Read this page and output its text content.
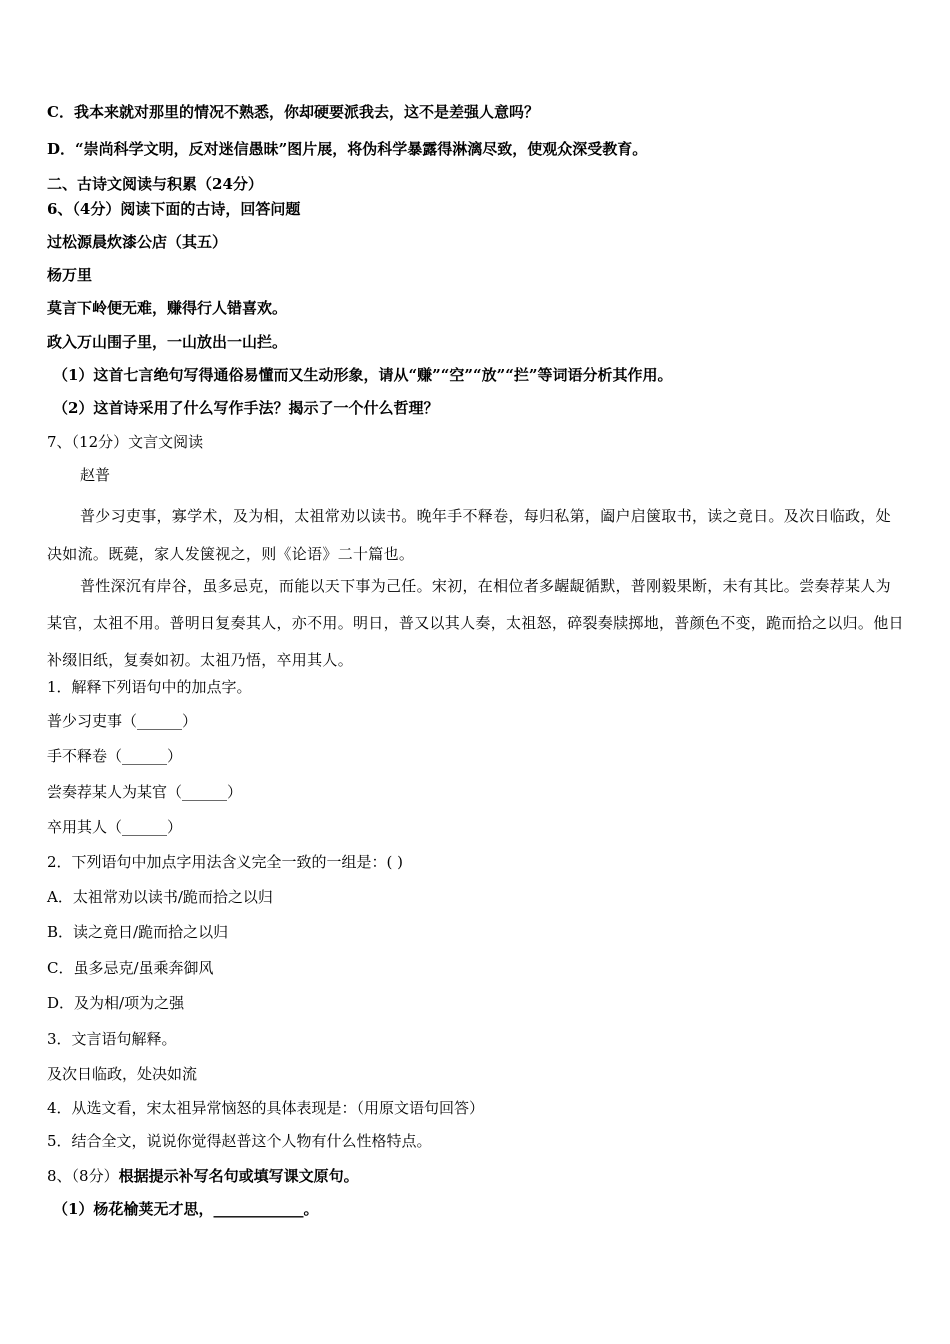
C．我本来就对那里的情况不熟悉，你却硬要派我去，这不是差强人意吗？
D．“崇尚科学文明，反对迷信愚昧”图片展，将伪科学暴露得淋漓尽致，使观众深受教育。
二、古诗文阅读与积累（24分）
6、（4分）阅读下面的古诗，回答问题
过松源晨炊漆公店（其五）
杨万里
莫言下岭便无难，赚得行人错喜欢。
政入万山围子里，一山放出一山拦。
（1）这首七言绝句写得通俗易懂而又生动形象，请从“赚”“空”“放”“拦”等词语分析其作用。
（2）这首诗采用了什么写作手法？揭示了一个什么哲理？
7、（12分）文言文阅读
赵普
普少习吏事，寡学术，及为相，太祖常劝以读书。晚年手不释卷，每归私第，阖户启箧取书，读之竟日。及次日临政，处决如流。既薨，家人发箧视之，则《论语》二十篇也。
普性深沉有岸谷，虽多忌克，而能以天下事为己任。宋初，在相位者多龌龊循默，普刚毅果断，未有其比。尝奏荐某人为某官，太祖不用。普明日复奏其人，亦不用。明日，普又以其人奏，太祖怒，碎裂奏牍掷地，普颜色不变，跪而拾之以归。他日补缀旧纸，复奏如初。太祖乃悟，卒用其人。
1．解释下列语句中的加点字。
普少习吏事（______）
手不释卷（______）
尝奏荐某人为某官（______）
卒用其人（______）
2．下列语句中加点字用法含义完全一致的一组是：( )
A．太祖常劝以读书/跪而拾之以归
B．读之竟日/跪而拾之以归
C．虽多忌克/虽乘奔御风
D．及为相/项为之强
3．文言语句解释。
及次日临政，处决如流
4．从选文看，宋太祖异常恼怒的具体表现是：（用原文语句回答）
5．结合全文，说说你觉得赵普这个人物有什么性格特点。
8、（8分）根据提示补写名句或填写课文原句。
（1）杨花榆荚无才思，____________。
